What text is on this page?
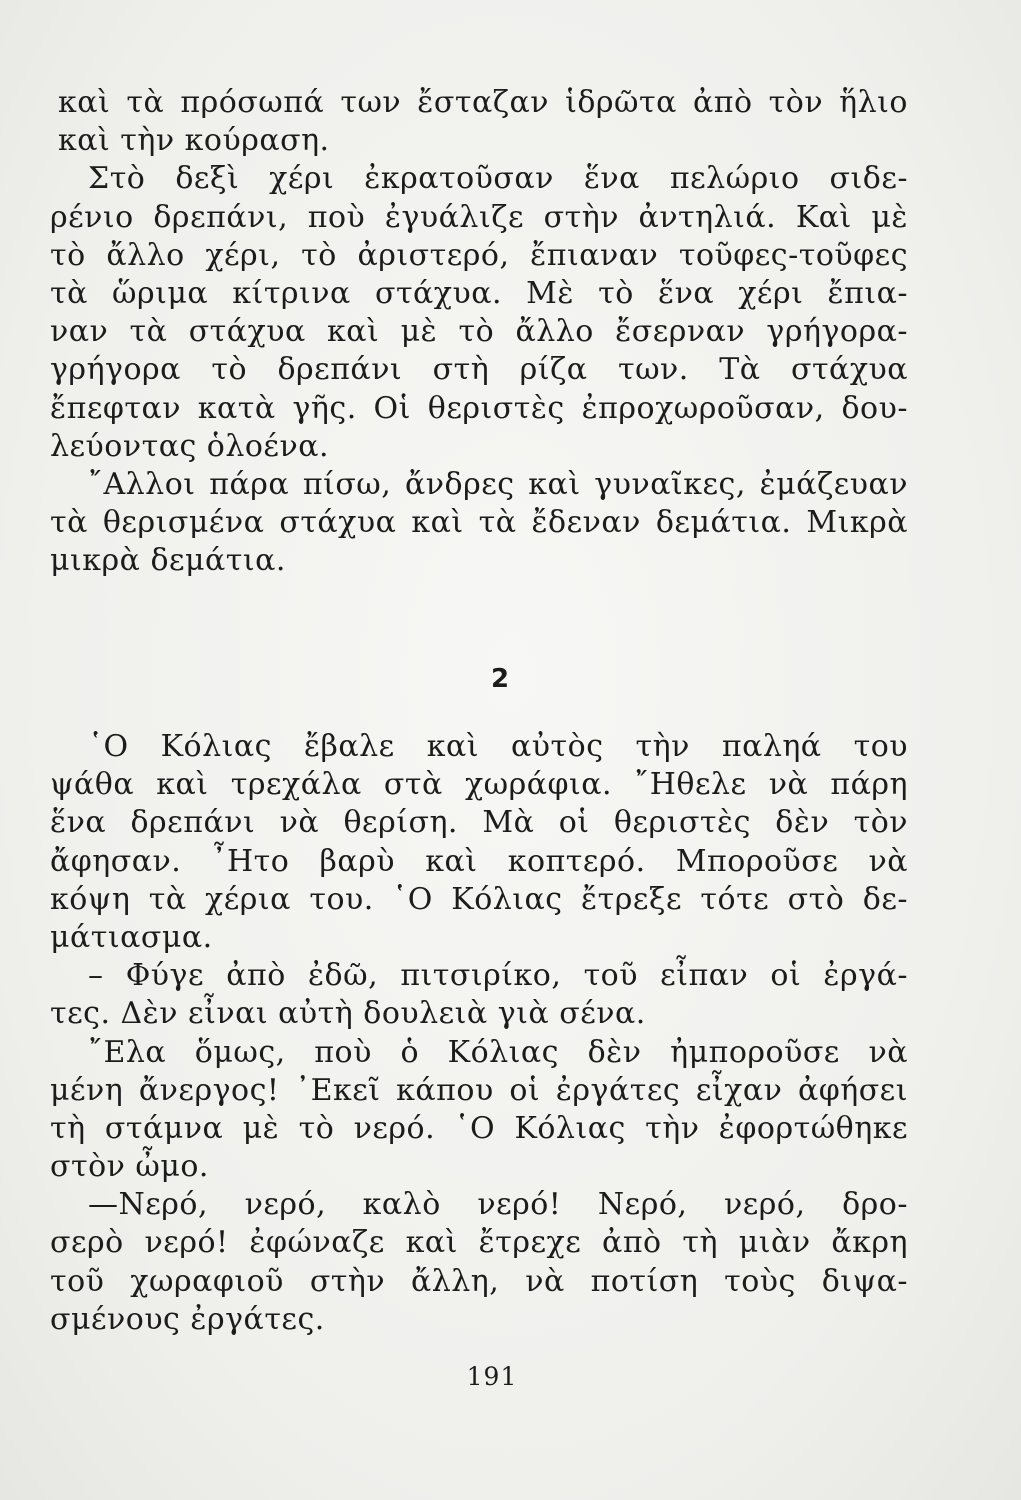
καὶ τὰ πρόσωπά των ἔσταζαν ἱδρῶτα ἀπὸ τὸν ἥλιο
καὶ τὴν κούραση.
Στὸ δεξὶ χέρι ἐκρατοῦσαν ἕνα πελώριο σιδε-
ρένιο δρεπάνι, ποὺ ἐγυάλιζε στὴν ἀντηλιά. Καὶ μὲ
τὸ ἄλλο χέρι, τὸ ἀριστερό, ἔπιαναν τοῦφες-τοῦφες
τὰ ὥριμα κίτρινα στάχυα. Μὲ τὸ ἕνα χέρι ἔπια-
ναν τὰ στάχυα καὶ μὲ τὸ ἄλλο ἔσερναν γρήγορα-
γρήγορα τὸ δρεπάνι στὴ ρίζα των. Τὰ στάχυα
ἔπεφταν κατὰ γῆς. Οἱ θεριστὲς ἐπροχωροῦσαν, δου-
λεύοντας ὁλοένα.
῎Αλλοι πάρα πίσω, ἄνδρες καὶ γυναῖκες, ἐμάζευαν
τὰ θερισμένα στάχυα καὶ τὰ ἔδεναν δεμάτια. Μικρὰ
μικρὰ δεμάτια.
2
῾Ο Κόλιας ἔβαλε καὶ αὐτὸς τὴν παληά του
ψάθα καὶ τρεχάλα στὰ χωράφια. ῎Ηθελε νὰ πάρη
ἕνα δρεπάνι νὰ θερίση. Μὰ οἱ θεριστὲς δὲν τὸν
ἄφησαν. ῏Ητο βαρὺ καὶ κοπτερό. Μποροῦσε νὰ
κόψη τὰ χέρια του. ῾Ο Κόλιας ἔτρεξε τότε στὸ δε-
μάτιασμα.
– Φύγε ἀπὸ ἐδῶ, πιτσιρίκο, τοῦ εἶπαν οἱ ἐργά-
τες. Δὲν εἶναι αὐτὴ δουλειὰ γιὰ σένα.
῎Ελα ὅμως, ποὺ ὁ Κόλιας δὲν ἠμποροῦσε νὰ
μένη ἄνεργος! ᾿Εκεῖ κάπου οἱ ἐργάτες εἶχαν ἀφήσει
τὴ στάμνα μὲ τὸ νερό. ῾Ο Κόλιας τὴν ἐφορτώθηκε
στὸν ὦμο.
—Νερό, νερό, καλὸ νερό! Νερό, νερό, δρο-
σερὸ νερό! ἐφώναζε καὶ ἔτρεχε ἀπὸ τὴ μιὰν ἄκρη
τοῦ χωραφιοῦ στὴν ἄλλη, νὰ ποτίση τοὺς διψα-
σμένους ἐργάτες.
191
